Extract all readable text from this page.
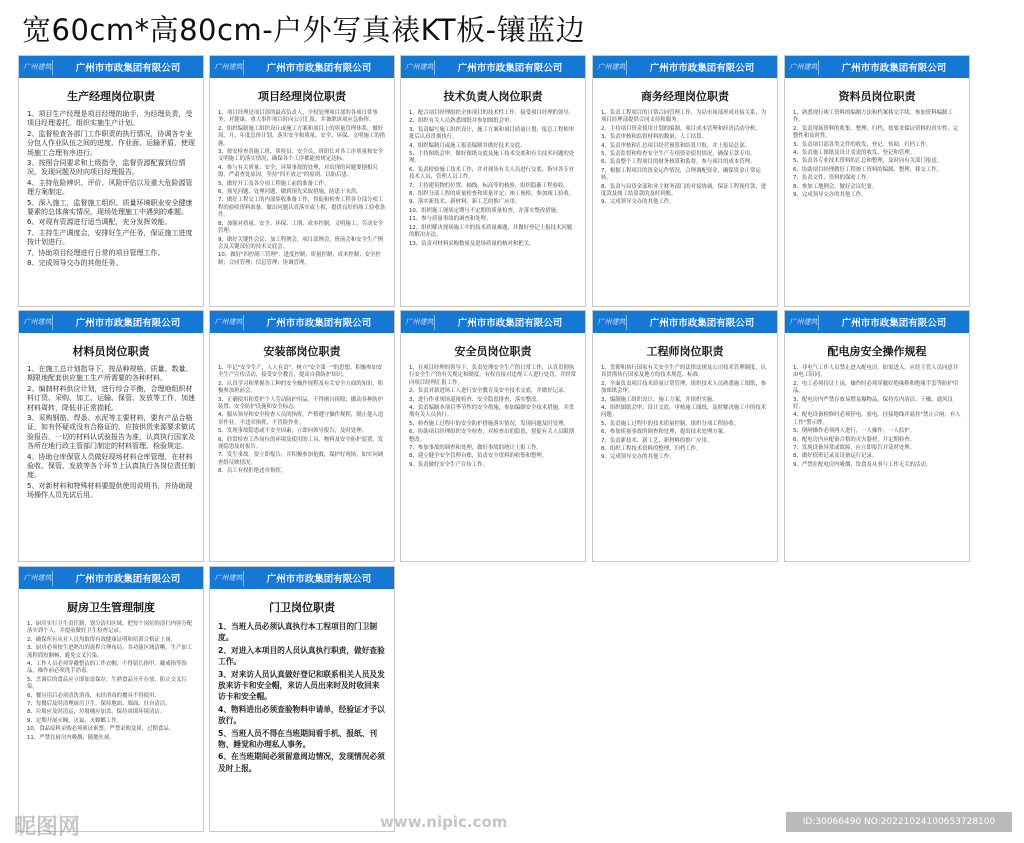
宽60cm*高80cm-户外写真裱KT板-镶蓝边
广州建筑	广州市市政集团有限公司
生产经理岗位职责

1、项目生产经理是项目经理的助手，为经理负责，受项目经理委托，组织实施生产计划。

2、监督检查各部门工作职责的执行情况，协调各专业分包人作业队伍之间的进度、作业面、运输矛盾，使现场施工合理有序进行。

3、按照合同要求和上级指令，监督资源配置到位情况，发现问题及时向项目经理报告。

4、主持危险辨识、评价、风险评估以及重大危险源管理方案制定。

5、深入施工，监督施工组织、质量环境职业安全健康要素的总体落实情况，现场处理施工中遇到的难题。

6、对现有资源进行适当调配，充分发挥效能。

7、主持生产调度会，安排好生产任务，保证施工进度按计划进行。

7、协助项目经理进行日常的项目管理工作。

8、完成领导交办的其他任务。

广州建筑	广州市市政集团有限公司
项目经理岗位职责

1、项目经理是项目部的最高负责人，全权处理项目部的各项日常事务，对健康、重大事件项目时向公司汇报，并兼职该项应急指挥。

2、组织编制施工组织设计或施工方案和项目上的质量管理体系，做好周、月、年度总体计划，落实安全和质量、安全、环保、文明施工的措施。

3、按安检查各施工班、质检员、安全员，班组长对各工序质量和安全文明施工的落实情况，确保各个工序都能按规定达标。

4、参与有关质量、安全、环境事故的处理，对出现的问题要刨根究源，严肃查处原因，坚持"四不放过"的原则，以防后患。

5、做好开工及各分项工程施工前的准备工作。

6、预见问题、处理问题，做到预先采取措施，防患于未然。

7、做好工程交工的内部验收准备工作，督促和检查工程各分部分项工程的验收资料准备，做出问题认真落实或上报，提供良好的竣工验收条件。

8、加强对质量、安全、环保、工期、成本控制，文明施工，劳动安全管理。

9、做好关键性会议；加工程例会，项目部例会，班前会和安全生产例会及关键部位的技术交底会。

10、做好"四控制三管理"：进度控制；质量控制；成本控制；安全控制；合同管理；信息管理；协调管理。

广州建筑	广州市市政集团有限公司
技术负责人岗位职责

1、配合项目经理组织全体项目的技术性工作，接受项目经理的领导。

2、组织有关人员熟悉图纸并参加图纸会审。

3、负责编写施工组织设计，施工方案和项目质量计划，报总工程师审批后认真贯彻执行。

4、组织编制月或施工报表编制并做好技术交底。

5、主持图纸会审，做好图纸交底及施工技术交底和有关技术问题的处理。

6、负责检验施工技术工作，并对现场有关人员进行交底；指导各专业技术人员，管理人员工作。

7、主持建筑物的位置、轴线、标高等的核验，组织隐蔽工程验收。

8、组织分部工程的质量检查和质量评定；竣工预检，参加竣工验收。

9、落实新技术、新材料、新工艺的推广应用。

10、组织施工现场定期与不定期的质量检查，并落实整改措施。

11、参与质量事故的调查和处理。

12、组织解决现场施工中的技术质量难题，并做好登记上报技术问题的解决办法。

13、负责对材料采购数量及进场质量的核对和把关。

广州建筑	广州市市政集团有限公司
商务经理岗位职责

1、负责工程项目的日常合同管理工作，为局市场部形成对接关系，为项目经理部提供合同支持和服务。

2、主持项目资金使用计划的编制，项目成本管理和经济活动分析。

3、负责审核和监督材料的数量、人工结算。

4、负责审核和汇总项目经营预算和结算月报，并上报局总部。

5、负责监督和检查安全生产专项资金使用情况，确保专款专用。

6、负责整个工程项目的财务核算和监督，参与项目的成本管理。

7、根据工程项目的资金运作情况，合理调配资金，确保资金正常运转。

8、负责与局资金部和业主财务部门的对接协调，保证工程预付款、进度款及竣工结算款的及时到账。

9、完成领导交办的其他工作。

广州建筑	广州市市政集团有限公司
资料员岗位职责

1、熟悉现行竣工资料的编制方法和档案移交手续，参加资料编制工作。

2、负责现场资料的收集、整理、归档，按要求保证资料的真实性、完整性和及时性。

3、负责项目部各类文件的收发、登记、传阅、归档工作。

4、负责施工图纸及设计变更的收发、登记和管理。

5、负责各专业技术资料的汇总和整理，及时向有关部门报送。

6、协助项目经理做好工程竣工资料的编制、整理、移交工作。

7、负责文件、资料的保密工作。

8、参加工地例会，做好会议纪要。

9、完成领导交办的其他工作。

广州建筑	广州市市政集团有限公司
材料员岗位职责

1、在施工总计划指导下，按品种规格、质量、数量、期限地配套供应施工生产所需要的各种材料。

2、编制材料供应计划，进行综合平衡，合理地组织材料订货、采购、加工、运输、保管、发放等工作，加速材料周转，降低非正常损耗。

3、采购钢筋、焊条、水泥等主要材料，要有产品合格证，如有怀疑或没有合格证的，应按供货来源要求做试验报告，一切的材料认试验报告为准，认真执行国家及各所在地行政主管部门制定的材料管理、检验规定。

4、协助仓库保管人员做好现场材料仓库管理，在材料验收、保管、发放等各个环节上认真执行各岗位责任制度。

5、对新材料和特殊材料要提供使用说明书，并协助现场操作人员先试后用。

广州建筑	广州市市政集团有限公司
安装部岗位职责

1、牢记"安全生产，人人有责"，树立"安全第一"的思想，积极参加安全生产宣传活动，接受安全教育，提高自我防护知识。

2、认真学习和掌握各工种的安全操作规程及有关安全方面的知识，积极参加班前会。

3、正确使用和爱护个人劳动防护用品，不得擅自拆除、挪动各种防护装置、安全防护设施和安全标志。

4、服从领导和安全检查人员的指挥，严格遵守操作规程，制止他人违章作业，不违章指挥，不冒险作业。

5、发现事故隐患或不安全因素，立即向领导报告，及时处理。

6、经常检查工作岗位的环境及使用的工具、物料及安全防护装置，发现隐患及时报告。

7、发生事故，要立即报告，并积极参加抢救，保护好现场，如实向调查组反映情况。

8、员工有权拒绝违章指挥。

广州建筑	广州市市政集团有限公司
安全员岗位职责

1、在项目经理的领导下，负责处理安全生产的日常工作，认真贯彻执行安全生产的有关规定和制度，有权直接对违规工人进行处罚，并经常向项目经理汇报工作。

2、负责对新进场工人进行安全教育及安全技术交底，并做好记录。

3、进行作业现场巡视检查、安全隐患排查，落实整改。

4、负责编制本项目季节性的安全措施，参加编制安全技术措施，并贯彻有关人员执行。

5、检查施工过程中的安全防护措施落实情况，发现问题及时处理。

6、协助项目经理组织安全检查，对检查出的隐患，督促有关人员限期整改。

7、参加事故的调查和处理，做好事故的统计上报工作。

8、建立健全安全管理台账，负责安全资料的收集和整理。

9、负责做好安全生产宣传工作。

广州建筑	广州市市政集团有限公司
工程师岗位职责

1、贯彻和执行国家有关安全生产的法律法规及公司技术管理制度，认真贯彻执行国家及地方的技术规范、标准。

2、全面负责项目技术质量日常管理，组织技术人员熟悉施工图纸，参加图纸会审。

3、编制施工组织设计、施工方案，并组织实施。

4、组织图纸会审、设计交底，审核施工图纸，及时解决施工中的技术问题。

5、负责施工过程中的技术质量控制，组织分项工程验收。

6、参加质量事故的调查和处理，提出技术处理方案。

7、负责新技术、新工艺、新材料的推广应用。

8、组织工程技术资料的整理、归档工作。

9、完成领导交办的其他工作。

广州建筑	广州市市政集团有限公司
配电房安全操作规程

1、非电气工作人员禁止进入配电房，如需进入，应经主管人员同意并由电工陪同。

2、电工必须持证上岗，操作时必须穿戴好绝缘鞋和绝缘手套等防护用品。

3、配电房内严禁存放易燃易爆物品，保持室内清洁、干燥、通风良好。

4、配电设备检修时必须停电、验电、挂接地线并悬挂"禁止合闸，有人工作"警示牌。

5、倒闸操作必须两人进行，一人操作，一人监护。

6、配电房内应配备合格的灭火器材，并定期检查。

7、发现设备异常或故障，应立即报告并及时处理。

8、做好值班记录及设备运行记录。

9、严禁在配电房内吸烟、饮食及从事与工作无关的活动。

广州建筑	广州市市政集团有限公司
厨房卫生管理制度

1、厨房实行卫生责任制，划分清扫区域，把每个岗位的清扫内容分配落实到个人，并提前做好卫生检查记录。

2、确保所有从业人员均取得有效健康证明和培训合格证上岗。

3、厨房必须按生进熟出的流程合理布局，各功能区域清晰，生产加工流程简短顺畅，避免交叉污染。

4、工作人员必须穿戴整洁的工作衣帽，不得留长指甲、戴戒指等饰品，操作前必须洗手消毒。

5、烹调后的食品应立即加盖保存，生熟食品分开存放，防止交叉污染。

6、餐具用后必须清洗消毒，未经消毒的餐具不得使用。

7、每餐后及时清理厨房卫生，保持地面、墙面、灶台清洁。

8、垃圾应及时清运，垃圾桶应加盖，保持周围环境清洁。

9、定期开展灭蝇、灭鼠、灭蟑螂工作。

10、食品原料采购必须索证索票，严禁采购变质、过期食品。

11、严禁在厨房内吸烟、随地吐痰。

广州建筑	广州市市政集团有限公司
门卫岗位职责

1、当班人员必须认真执行本工程项目的门卫制度。

2、对进入本项目的人员认真执行职责，做好查验工作。

3、对来访人员认真做好登记和联系相关人员及发放来访卡和安全帽，来访人员出来时及时收回来访卡和安全帽。

4、物料进出必须查验物料申请单，经验证才予以放行。

5、当班人员不得在当班期间看手机、报纸、刊物、睡觉和办理私人事务。

6、在当班期间必须留意周边情况，发现情况必须及时上报。

昵图网	www.nipic.com	ID:30066490 NO:20221024100653728100
